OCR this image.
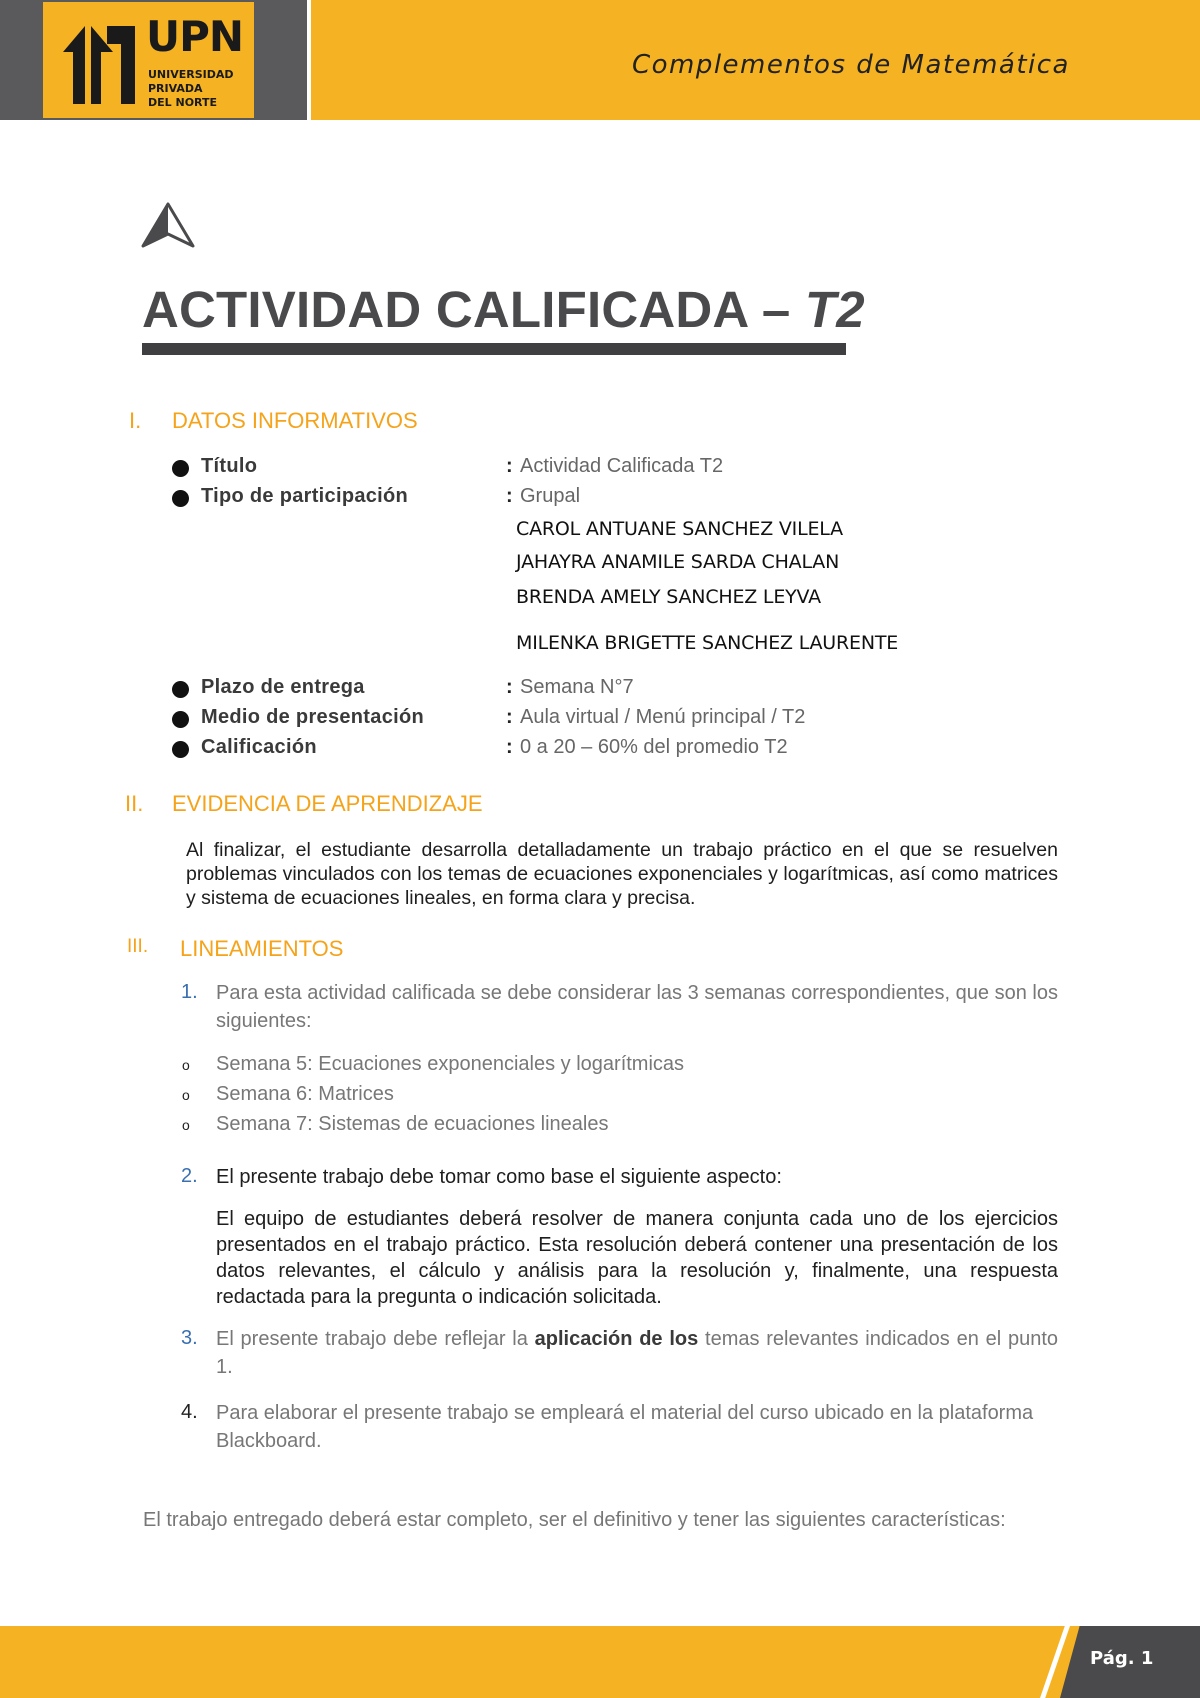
UPN
UNIVERSIDAD
PRIVADA
DEL NORTE
Complementos de Matemática
ACTIVIDAD CALIFICADA – T2
I. DATOS INFORMATIVOS
Título	: Actividad Calificada T2
Tipo de participación	: Grupal
CAROL ANTUANE SANCHEZ VILELA
JAHAYRA ANAMILE SARDA CHALAN
BRENDA AMELY SANCHEZ LEYVA
MILENKA BRIGETTE SANCHEZ LAURENTE
Plazo de entrega	: Semana N°7
Medio de presentación	: Aula virtual / Menú principal / T2
Calificación	: 0 a 20 – 60% del promedio T2
II. EVIDENCIA DE APRENDIZAJE
Al finalizar, el estudiante desarrolla detalladamente un trabajo práctico en el que se resuelven problemas vinculados con los temas de ecuaciones exponenciales y logarítmicas, así como matrices y sistema de ecuaciones lineales, en forma clara y precisa.
III. LINEAMIENTOS
1. Para esta actividad calificada se debe considerar las 3 semanas correspondientes, que son los siguientes:
o Semana 5: Ecuaciones exponenciales y logarítmicas
o Semana 6: Matrices
o Semana 7: Sistemas de ecuaciones lineales
2. El presente trabajo debe tomar como base el siguiente aspecto:
El equipo de estudiantes deberá resolver de manera conjunta cada uno de los ejercicios presentados en el trabajo práctico. Esta resolución deberá contener una presentación de los datos relevantes, el cálculo y análisis para la resolución y, finalmente, una respuesta redactada para la pregunta o indicación solicitada.
3. El presente trabajo debe reflejar la aplicación de los temas relevantes indicados en el punto 1.
4. Para elaborar el presente trabajo se empleará el material del curso ubicado en la plataforma Blackboard.
El trabajo entregado deberá estar completo, ser el definitivo y tener las siguientes características:
Pág. 1
